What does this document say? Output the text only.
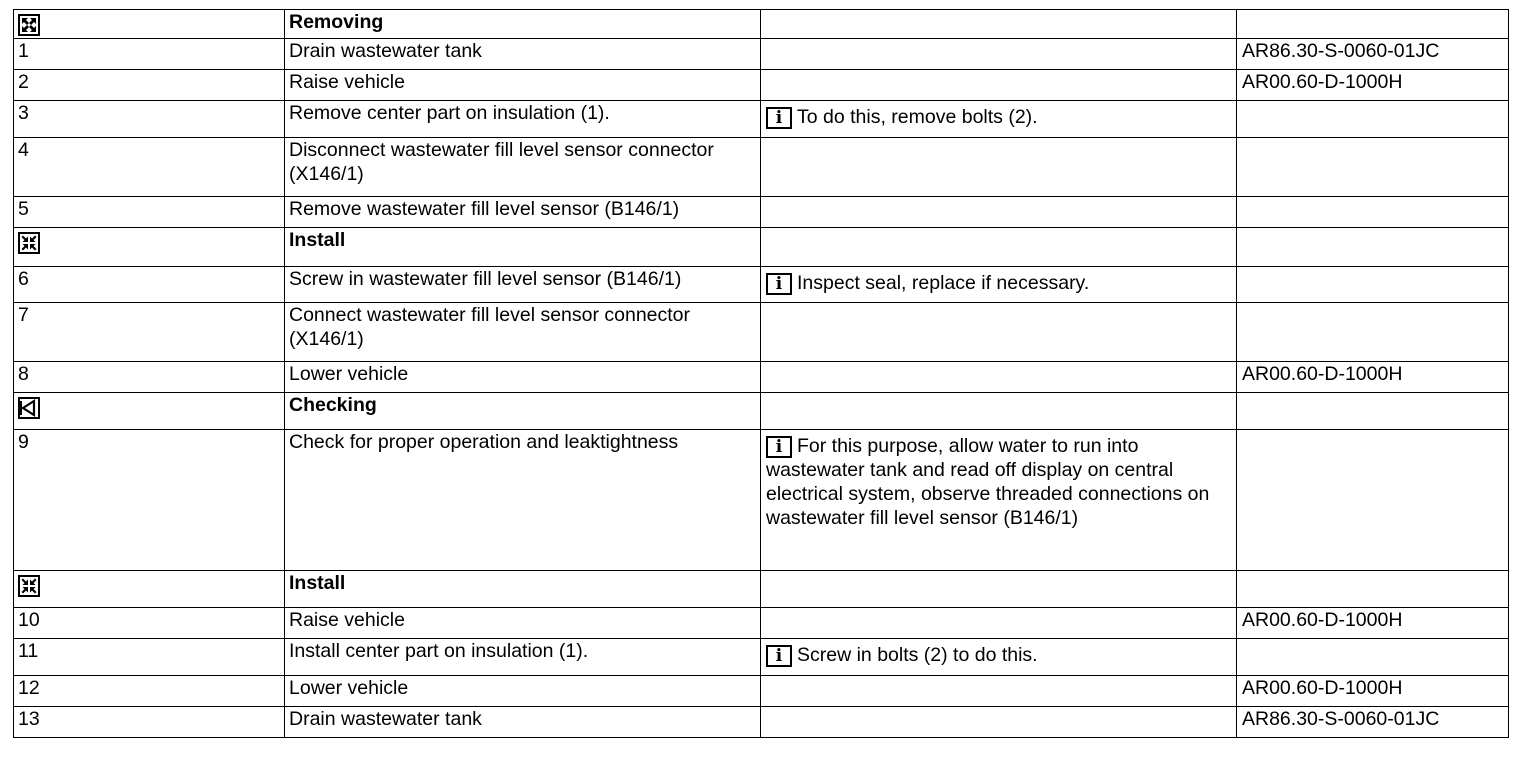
	Removing		
1	Drain wastewater tank		AR86.30-S-0060-01JC
2	Raise vehicle		AR00.60-D-1000H
3	Remove center part on insulation (1).	i To do this, remove bolts (2).	

4	Disconnect wastewater fill level sensor connector (X146/1)		
5	Remove wastewater fill level sensor (B146/1)		
	Install		
6	Screw in wastewater fill level sensor (B146/1)	i Inspect seal, replace if necessary.	

7	Connect wastewater fill level sensor connector (X146/1)		
8	Lower vehicle		AR00.60-D-1000H
	Checking		
9	Check for proper operation and leaktightness	i For this purpose, allow water to run into wastewater tank and read off display on central electrical system, observe threaded connections on wastewater fill level sensor (B146/1)	

	Install		
10	Raise vehicle		AR00.60-D-1000H
11	Install center part on insulation (1).	i Screw in bolts (2) to do this.	

12	Lower vehicle		AR00.60-D-1000H
13	Drain wastewater tank		AR86.30-S-0060-01JC
